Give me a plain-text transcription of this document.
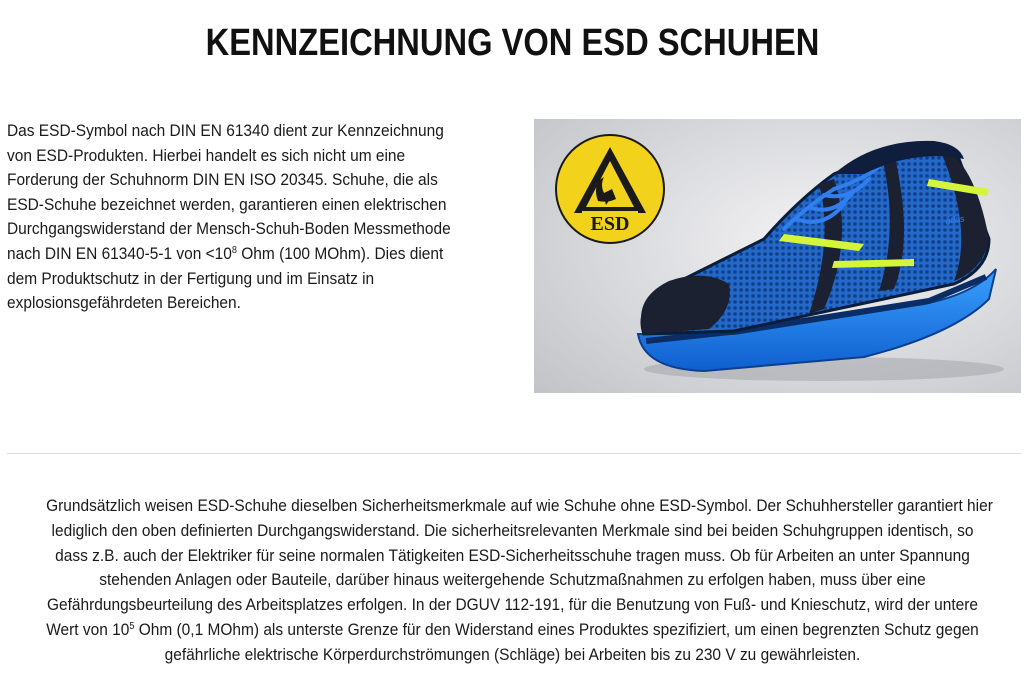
KENNZEICHNUNG VON ESD SCHUHEN
Das ESD-Symbol nach DIN EN 61340 dient zur Kennzeichnung
von ESD-Produkten. Hierbei handelt es sich nicht um eine
Forderung der Schuhnorm DIN EN ISO 20345. Schuhe, die als
ESD-Schuhe bezeichnet werden, garantieren einen elektrischen
Durchgangswiderstand der Mensch-Schuh-Boden Messmethode
nach DIN EN 61340-5-1 von $<10^8$ Ohm (100 MOhm). Dies dient
dem Produktschutz in der Fertigung und im Einsatz in
explosionsgefährdeten Bereichen.
atlas
ESD
Grundsätzlich weisen ESD-Schuhe dieselben Sicherheitsmerkmale auf wie Schuhe ohne ESD-Symbol. Der Schuhhersteller garantiert hier
lediglich den oben deﬁnierten Durchgangswiderstand. Die sicherheitsrelevanten Merkmale sind bei beiden Schuhgruppen identisch, so
dass z.B. auch der Elektriker für seine normalen Tätigkeiten ESD-Sicherheitsschuhe tragen muss. Ob für Arbeiten an unter Spannung
stehenden Anlagen oder Bauteile, darüber hinaus weitergehende Schutzmaßnahmen zu erfolgen haben, muss über eine
Gefährdungsbeurteilung des Arbeitsplatzes erfolgen. In der DGUV 112-191, für die Benutzung von Fuß- und Knieschutz, wird der untere
Wert von $10^5$ Ohm (0,1 MOhm) als unterste Grenze für den Widerstand eines Produktes speziﬁziert, um einen begrenzten Schutz gegen
gefährliche elektrische Körperdurchströmungen (Schläge) bei Arbeiten bis zu 230 V zu gewährleisten.
